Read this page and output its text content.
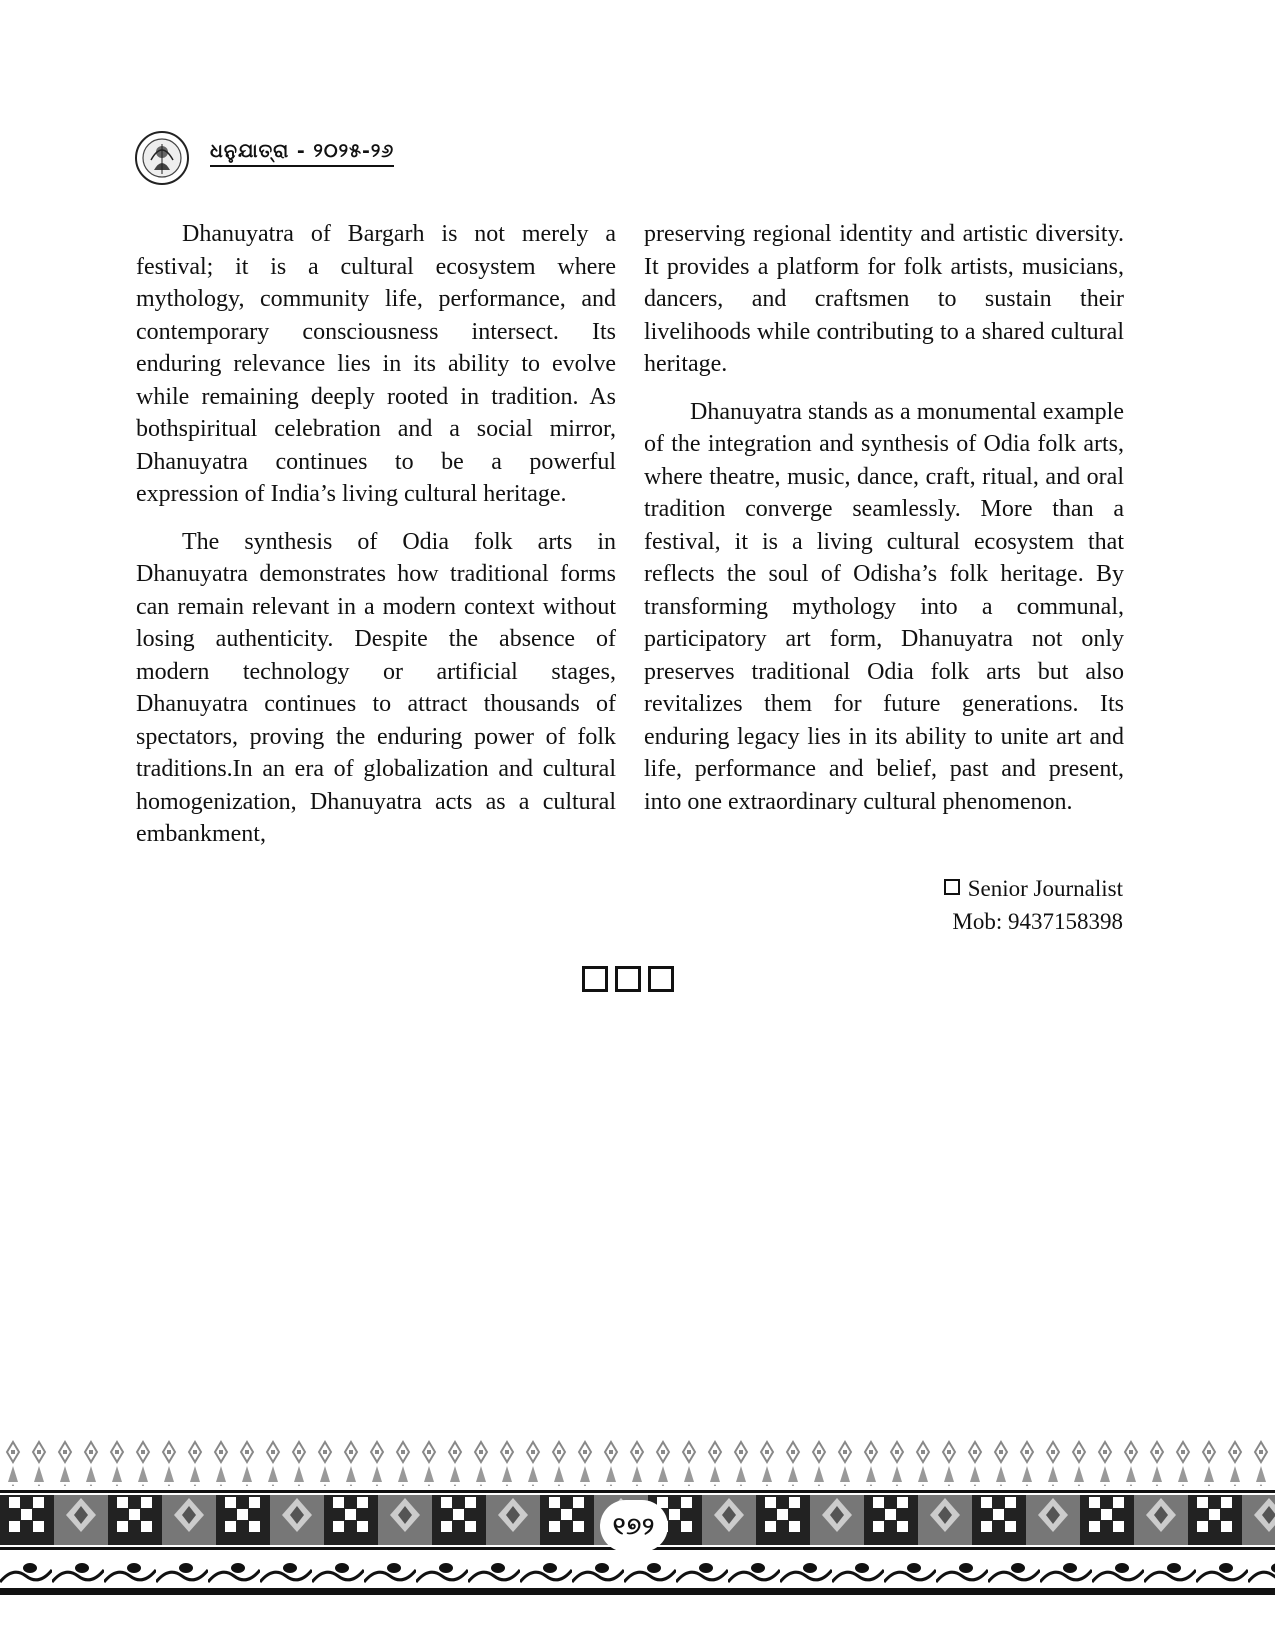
ଧନୁଯାତ୍ରା - ୨୦୨୫-୨୬

Dhanuyatra of Bargarh is not merely a festival; it is a cultural ecosystem where mythology, community life, performance, and contemporary consciousness intersect. Its enduring relevance lies in its ability to evolve while remaining deeply rooted in tradition. As bothspiritual celebration and a social mirror, Dhanuyatra continues to be a powerful expression of India’s living cultural heritage.

The synthesis of Odia folk arts in Dhanuyatra demonstrates how traditional forms can remain relevant in a modern context without losing authenticity. Despite the absence of modern technology or artificial stages, Dhanuyatra continues to attract thousands of spectators, proving the enduring power of folk traditions.In an era of globalization and cultural homogenization, Dhanuyatra acts as a cultural embankment,

preserving regional identity and artistic diversity. It provides a platform for folk artists, musicians, dancers, and craftsmen to sustain their livelihoods while contributing to a shared cultural heritage.

Dhanuyatra stands as a monumental example of the integration and synthesis of Odia folk arts, where theatre, music, dance, craft, ritual, and oral tradition converge seamlessly. More than a festival, it is a living cultural ecosystem that reflects the soul of Odisha’s folk heritage. By transforming mythology into a communal, participatory art form, Dhanuyatra not only preserves traditional Odia folk arts but also revitalizes them for future generations. Its enduring legacy lies in its ability to unite art and life, performance and belief, past and present, into one extraordinary cultural phenomenon.

Senior Journalist
Mob: 9437158398
୧୭୨
